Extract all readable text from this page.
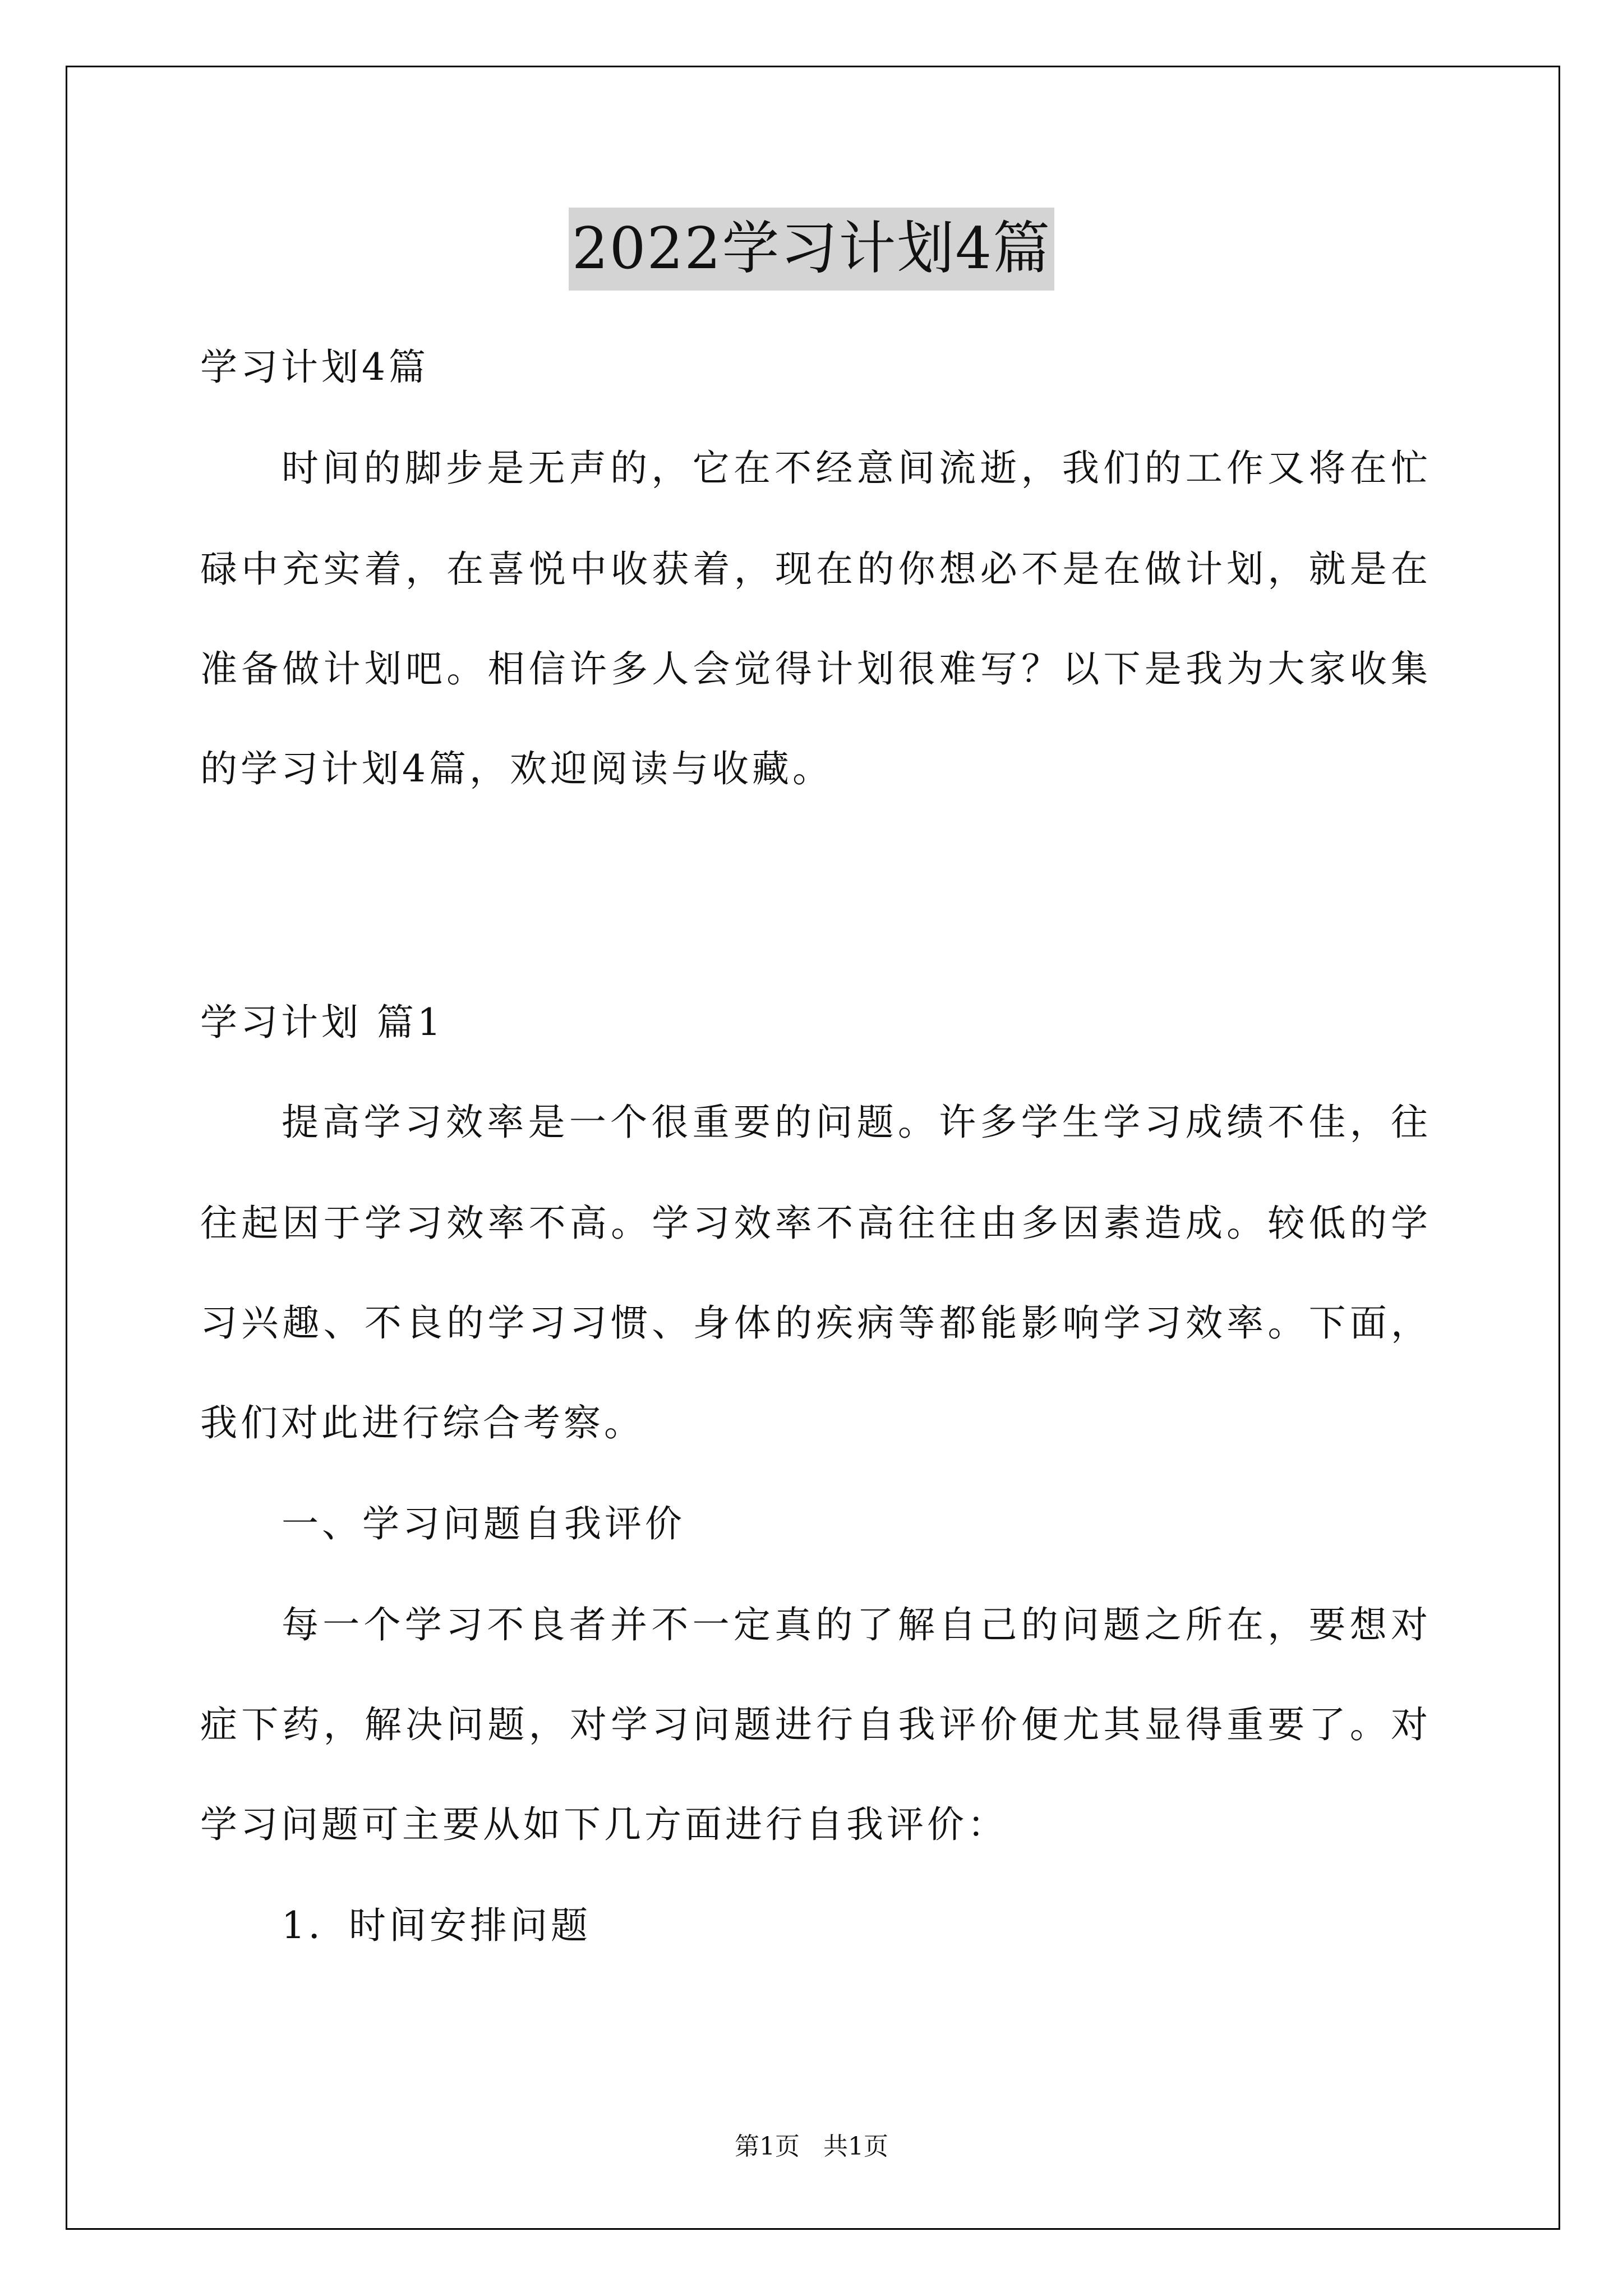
2022学习计划4篇
学习计划4篇
时间的脚步是无声的，它在不经意间流逝，我们的工作又将在忙
碌中充实着，在喜悦中收获着，现在的你想必不是在做计划，就是在
准备做计划吧。相信许多人会觉得计划很难写？以下是我为大家收集
的学习计划4篇，欢迎阅读与收藏。
学习计划 篇1
提高学习效率是一个很重要的问题。许多学生学习成绩不佳，往
往起因于学习效率不高。学习效率不高往往由多因素造成。较低的学
习兴趣、不良的学习习惯、身体的疾病等都能影响学习效率。下面，
我们对此进行综合考察。
一、学习问题自我评价
每一个学习不良者并不一定真的了解自己的问题之所在，要想对
症下药，解决问题，对学习问题进行自我评价便尤其显得重要了。对
学习问题可主要从如下几方面进行自我评价：
1．时间安排问题
第1页   共1页
